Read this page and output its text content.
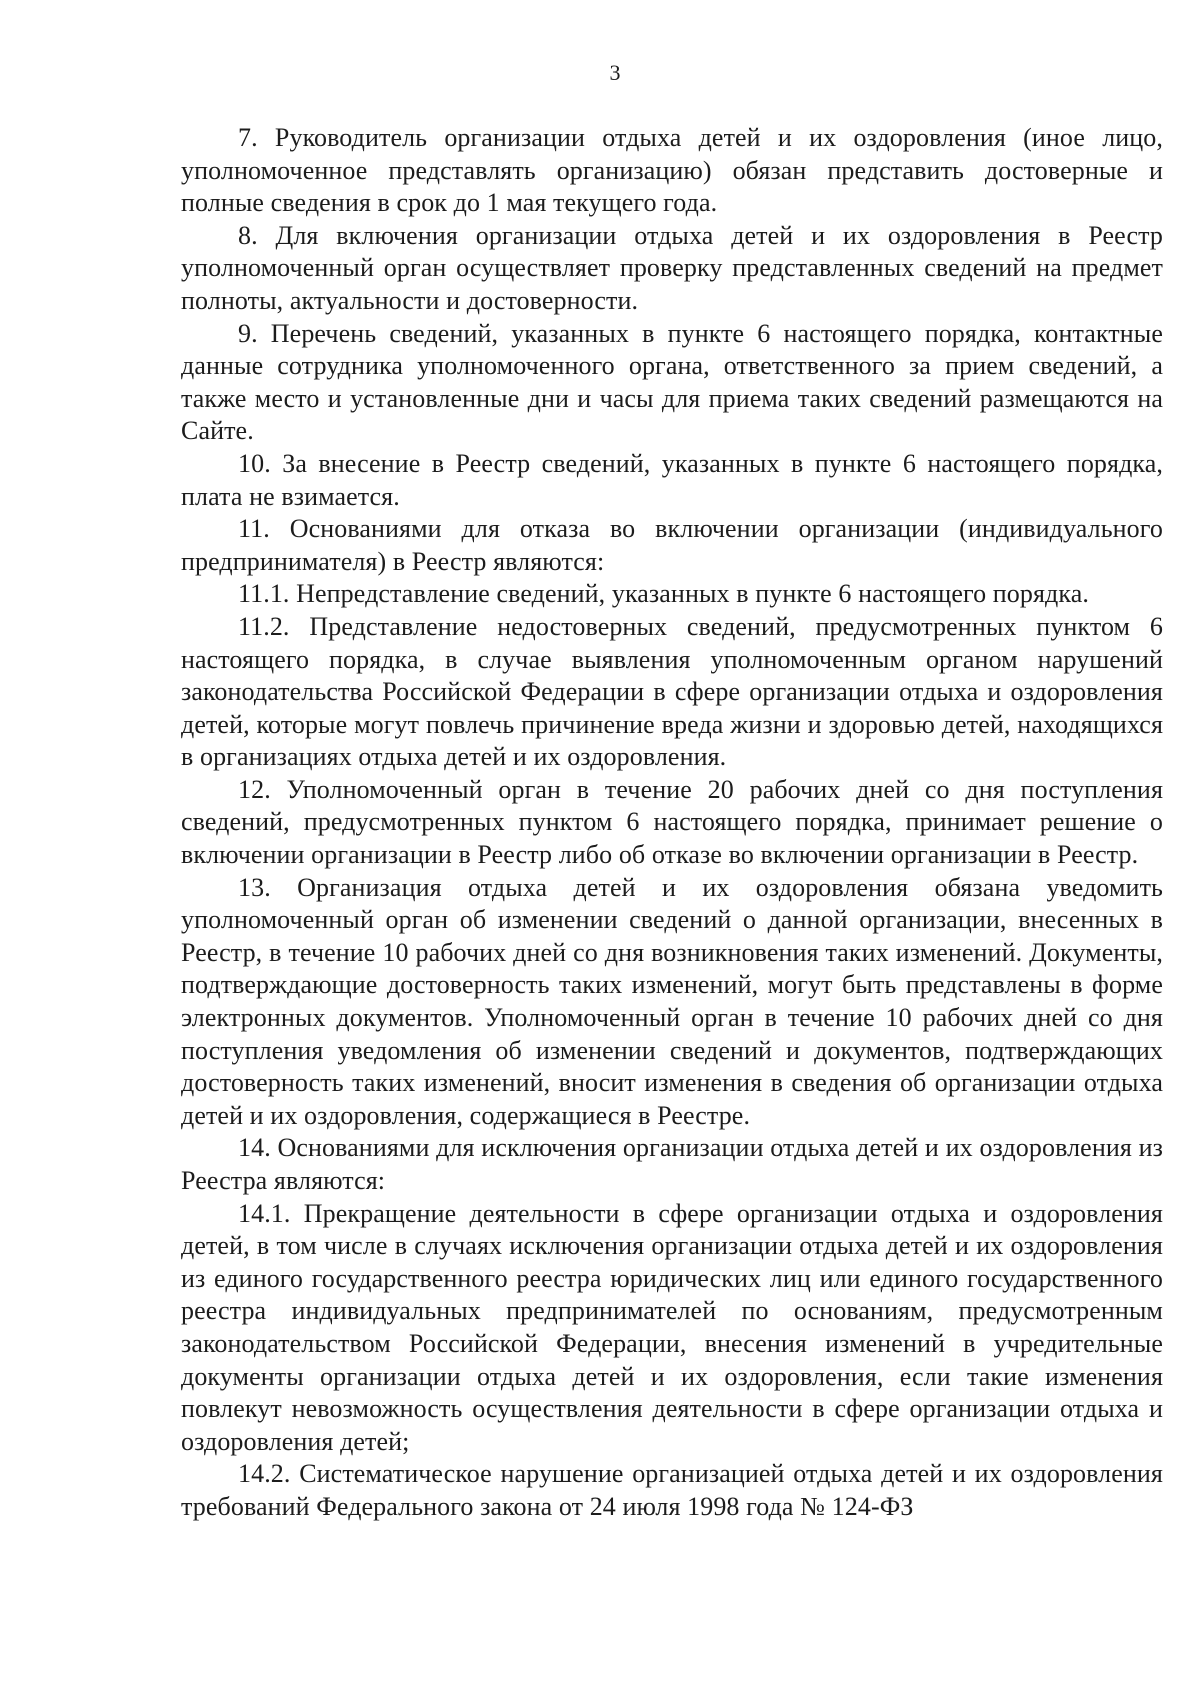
3

7. Руководитель организации отдыха детей и их оздоровления (иное лицо, уполномоченное представлять организацию) обязан представить достоверные и полные сведения в срок до 1 мая текущего года.

8. Для включения организации отдыха детей и их оздоровления в Реестр уполномоченный орган осуществляет проверку представленных сведений на предмет полноты, актуальности и достоверности.

9. Перечень сведений, указанных в пункте 6 настоящего порядка, контактные данные сотрудника уполномоченного органа, ответственного за прием сведений, а также место и установленные дни и часы для приема таких сведений размещаются на Сайте.

10. За внесение в Реестр сведений, указанных в пункте 6 настоящего порядка, плата не взимается.

11. Основаниями для отказа во включении организации (индивидуального предпринимателя) в Реестр являются:

11.1. Непредставление сведений, указанных в пункте 6 настоящего порядка.

11.2. Представление недостоверных сведений, предусмотренных пунктом 6 настоящего порядка, в случае выявления уполномоченным органом нарушений законодательства Российской Федерации в сфере организации отдыха и оздоровления детей, которые могут повлечь причинение вреда жизни и здоровью детей, находящихся в организациях отдыха детей и их оздоровления.

12. Уполномоченный орган в течение 20 рабочих дней со дня поступления сведений, предусмотренных пунктом 6 настоящего порядка, принимает решение о включении организации в Реестр либо об отказе во включении организации в Реестр.

13. Организация отдыха детей и их оздоровления обязана уведомить уполномоченный орган об изменении сведений о данной организации, внесенных в Реестр, в течение 10 рабочих дней со дня возникновения таких изменений. Документы, подтверждающие достоверность таких изменений, могут быть представлены в форме электронных документов. Уполномоченный орган в течение 10 рабочих дней со дня поступления уведомления об изменении сведений и документов, подтверждающих достоверность таких изменений, вносит изменения в сведения об организации отдыха детей и их оздоровления, содержащиеся в Реестре.

14. Основаниями для исключения организации отдыха детей и их оздоровления из Реестра являются:

14.1. Прекращение деятельности в сфере организации отдыха и оздоровления детей, в том числе в случаях исключения организации отдыха детей и их оздоровления из единого государственного реестра юридических лиц или единого государственного реестра индивидуальных предпринимателей по основаниям, предусмотренным законодательством Российской Федерации, внесения изменений в учредительные документы организации отдыха детей и их оздоровления, если такие изменения повлекут невозможность осуществления деятельности в сфере организации отдыха и оздоровления детей;

14.2. Систематическое нарушение организацией отдыха детей и их оздоровления требований Федерального закона от 24 июля 1998 года № 124-ФЗ
